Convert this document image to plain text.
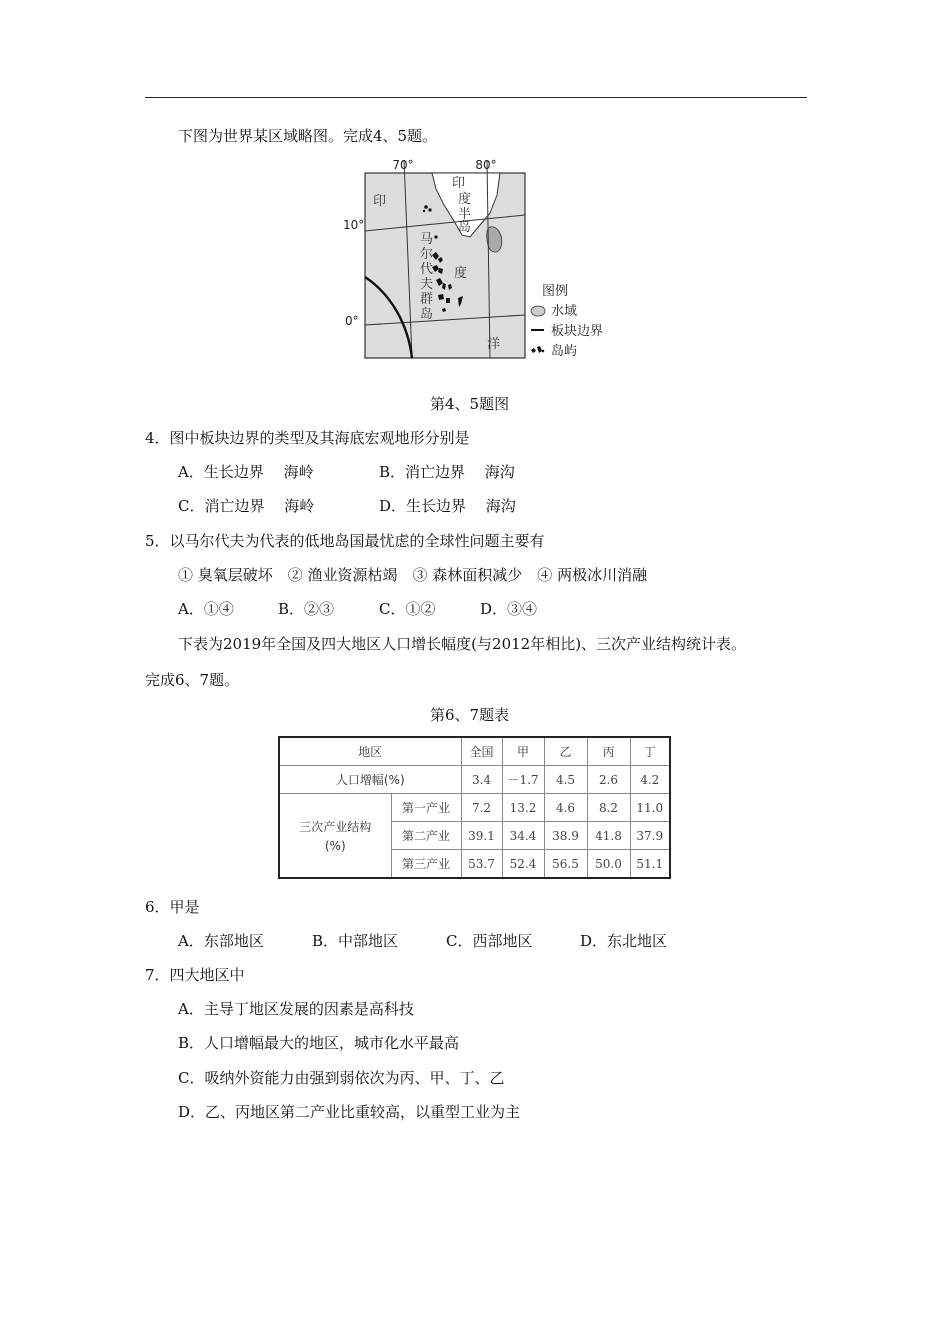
下图为世界某区域略图。完成4、5题。
70°	80°
10°
0°
印
度
洋
印
度
半
岛
马
尔
代
夫
群
岛
图例
水域
板块边界
岛屿
第4、5题图
4．图中板块边界的类型及其海底宏观地形分别是
A．生长边界　 海岭	B．消亡边界　 海沟
C．消亡边界　 海岭	D．生长边界　 海沟
5．以马尔代夫为代表的低地岛国最忧虑的全球性问题主要有
① 臭氧层破坏　② 渔业资源枯竭　③ 森林面积减少　④ 两极冰川消融
A．①④	B．②③	C．①②	D．③④
下表为2019年全国及四大地区人口增长幅度(与2012年相比)、三次产业结构统计表。
完成6、7题。
第6、7题表
地区		全国	甲	乙	丙	丁
人口增幅(%)		3.4	－1.7	4.5	2.6	4.2

三次产业结构
(%)	第一产业	7.2	13.2	4.6	8.2	11.0
	第二产业	39.1	34.4	38.9	41.8	37.9
	第三产业	53.7	52.4	56.5	50.0	51.1
6．甲是
A．东部地区	B．中部地区	C．西部地区	D．东北地区
7．四大地区中
A．主导丁地区发展的因素是高科技
B．人口增幅最大的地区，城市化水平最高
C．吸纳外资能力由强到弱依次为丙、甲、丁、乙
D．乙、丙地区第二产业比重较高，以重型工业为主
